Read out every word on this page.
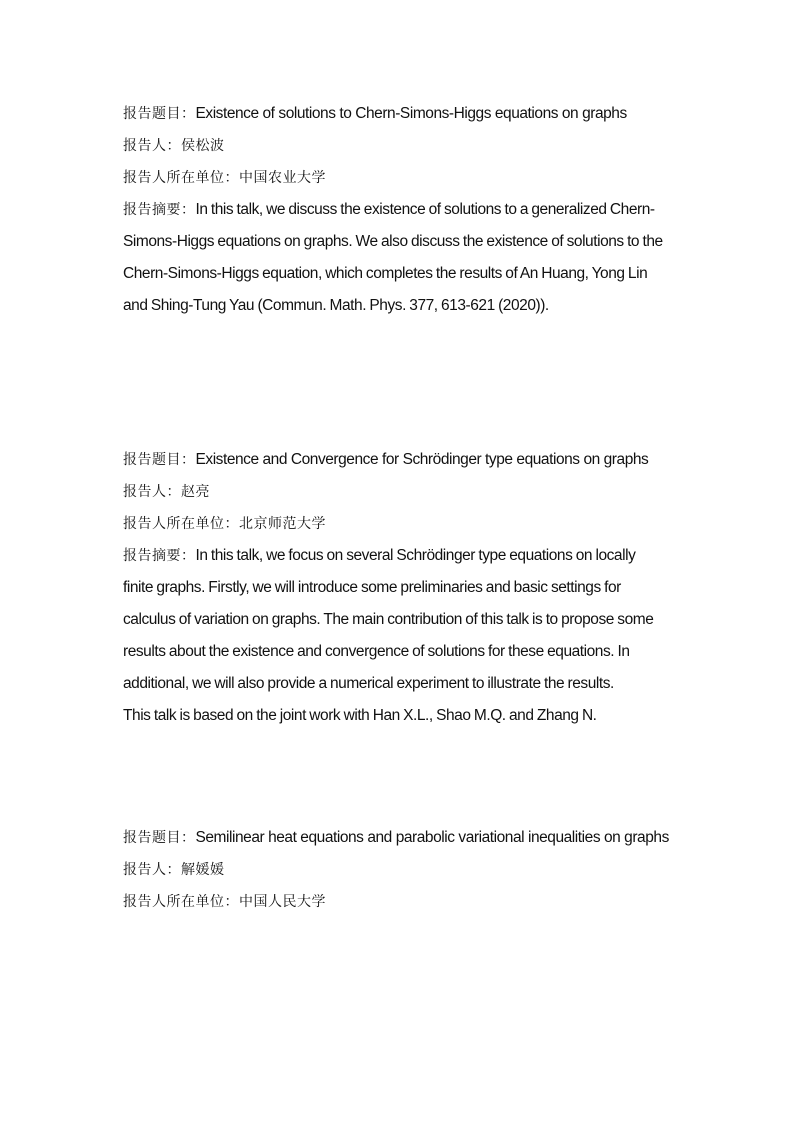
报告题目：Existence of solutions to Chern-Simons-Higgs equations on graphs
报告人：侯松波
报告人所在单位：中国农业大学
报告摘要：In this talk, we discuss the existence of solutions to a generalized Chern-
Simons-Higgs equations on graphs. We also discuss the existence of solutions to the
Chern-Simons-Higgs equation, which completes the results of An Huang, Yong Lin
and Shing-Tung Yau (Commun. Math. Phys. 377, 613-621 (2020)).
报告题目：Existence and Convergence for Schrödinger type equations on graphs
报告人：赵亮
报告人所在单位：北京师范大学
报告摘要：In this talk, we focus on several Schrödinger type equations on locally
finite graphs. Firstly, we will introduce some preliminaries and basic settings for
calculus of variation on graphs. The main contribution of this talk is to propose some
results about the existence and convergence of solutions for these equations. In
additional, we will also provide a numerical experiment to illustrate the results.
This talk is based on the joint work with Han X.L., Shao M.Q. and Zhang N.
报告题目：Semilinear heat equations and parabolic variational inequalities on graphs
报告人：解媛媛
报告人所在单位：中国人民大学
